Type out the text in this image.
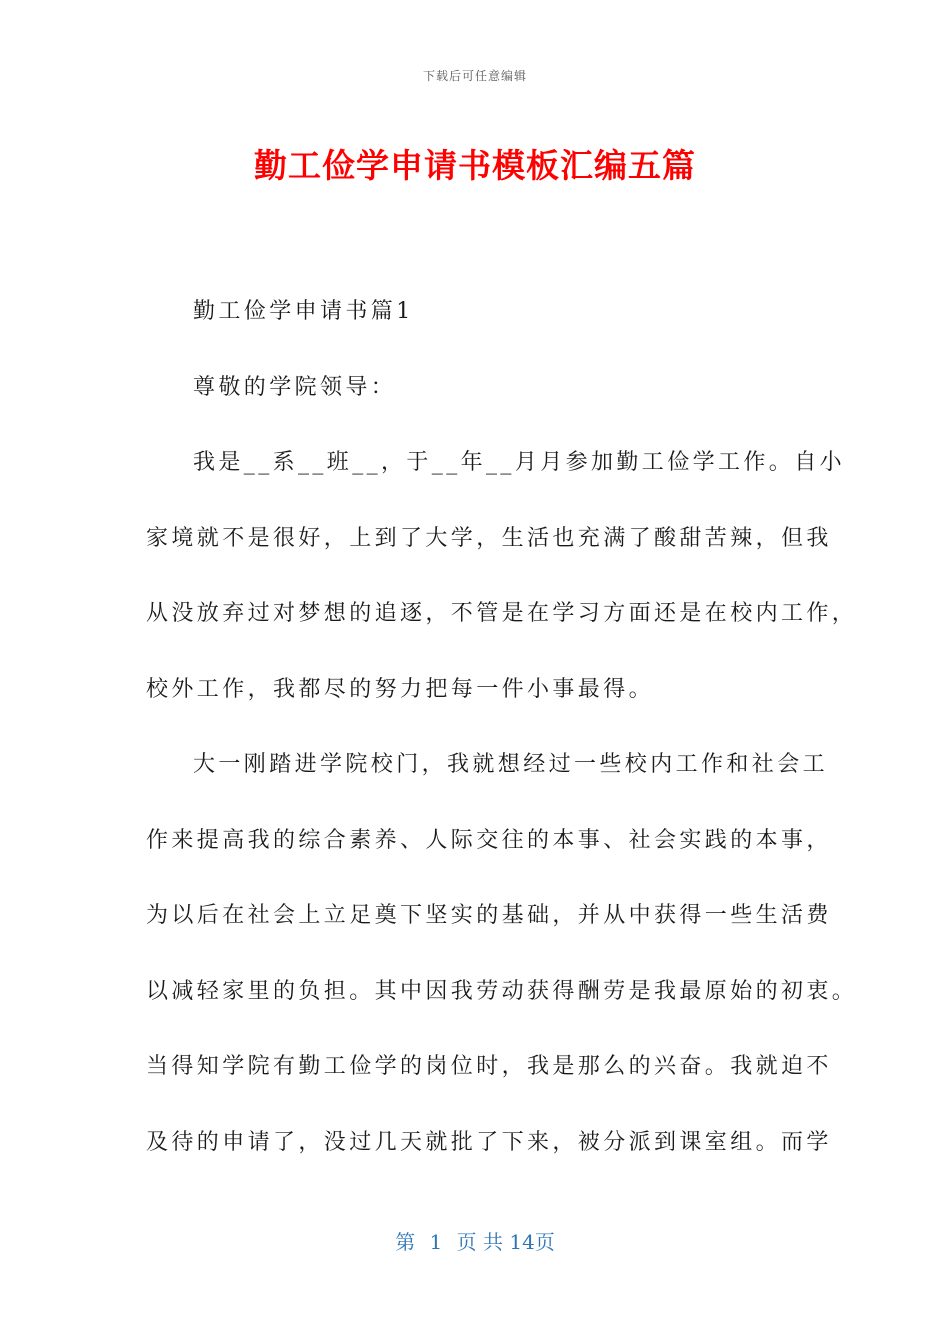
下载后可任意编辑
勤工俭学申请书模板汇编五篇
勤工俭学申请书篇1
尊敬的学院领导：
我是__系__班__，于__年__月月参加勤工俭学工作。自小
家境就不是很好，上到了大学，生活也充满了酸甜苦辣，但我
从没放弃过对梦想的追逐，不管是在学习方面还是在校内工作，
校外工作，我都尽的努力把每一件小事最得。
大一刚踏进学院校门，我就想经过一些校内工作和社会工
作来提高我的综合素养、人际交往的本事、社会实践的本事，
为以后在社会上立足奠下坚实的基础，并从中获得一些生活费
以减轻家里的负担。其中因我劳动获得酬劳是我最原始的初衷。
当得知学院有勤工俭学的岗位时，我是那么的兴奋。我就迫不
及待的申请了，没过几天就批了下来，被分派到课室组。而学
第 1 页 共 14页
